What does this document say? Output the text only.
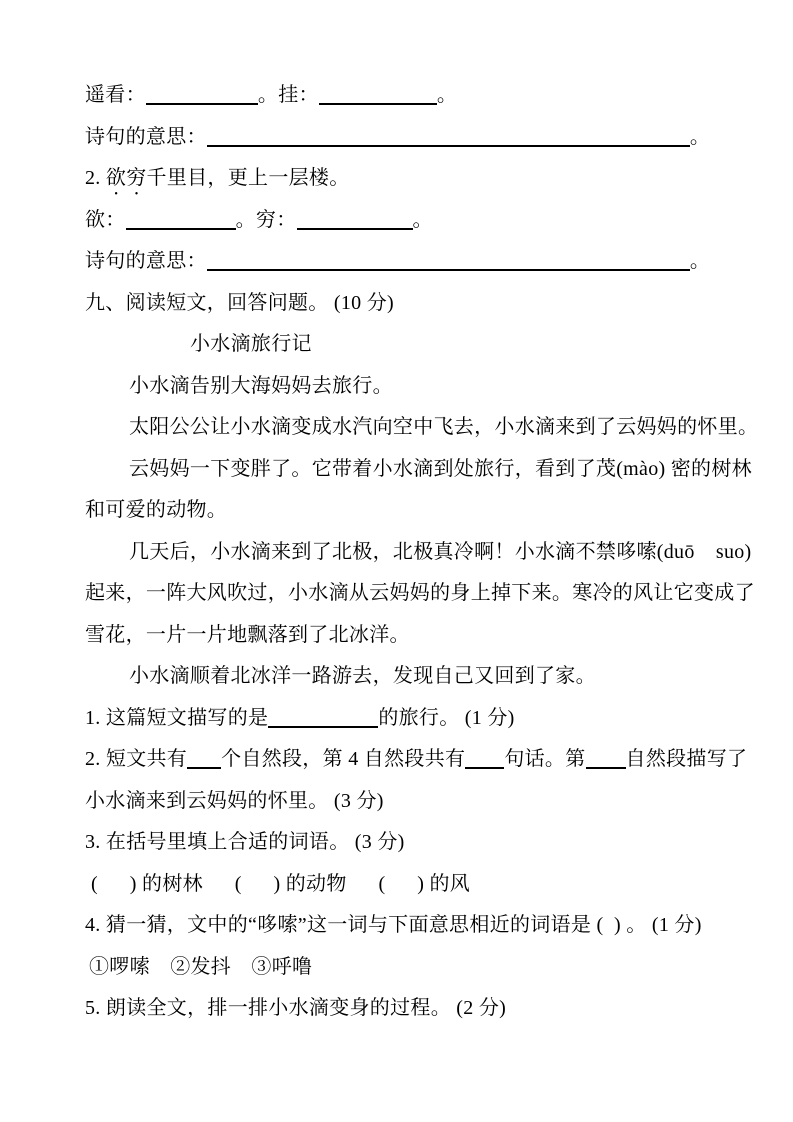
遥看：	。挂：	。
诗句的意思：	。
2. 欲穷千里目，更上一层楼。
欲：	。穷：	。
诗句的意思：	。
九、阅读短文，回答问题。 (10 分)
小水滴旅行记
小水滴告别大海妈妈去旅行。
太阳公公让小水滴变成水汽向空中飞去，小水滴来到了云妈妈的怀里。
云妈妈一下变胖了。它带着小水滴到处旅行，看到了茂(mào) 密的树林
和可爱的动物。
几天后，小水滴来到了北极，北极真冷啊！小水滴不禁哆嗦(duō    suo)
起来，一阵大风吹过，小水滴从云妈妈的身上掉下来。寒冷的风让它变成了
雪花，一片一片地飘落到了北冰洋。
小水滴顺着北冰洋一路游去，发现自己又回到了家。
1. 这篇短文描写的是	的旅行。 (1 分)
2. 短文共有 个自然段，第 4 自然段共有 句话。第 自然段描写了
小水滴来到云妈妈的怀里。 (3 分)
3. 在括号里填上合适的词语。 (3 分)
(      ) 的树林      (      ) 的动物      (      ) 的风
4. 猜一猜，文中的“哆嗦”这一词与下面意思相近的词语是 (  ) 。 (1 分)
①啰嗦　②发抖　③呼噜
5. 朗读全文，排一排小水滴变身的过程。 (2 分)
